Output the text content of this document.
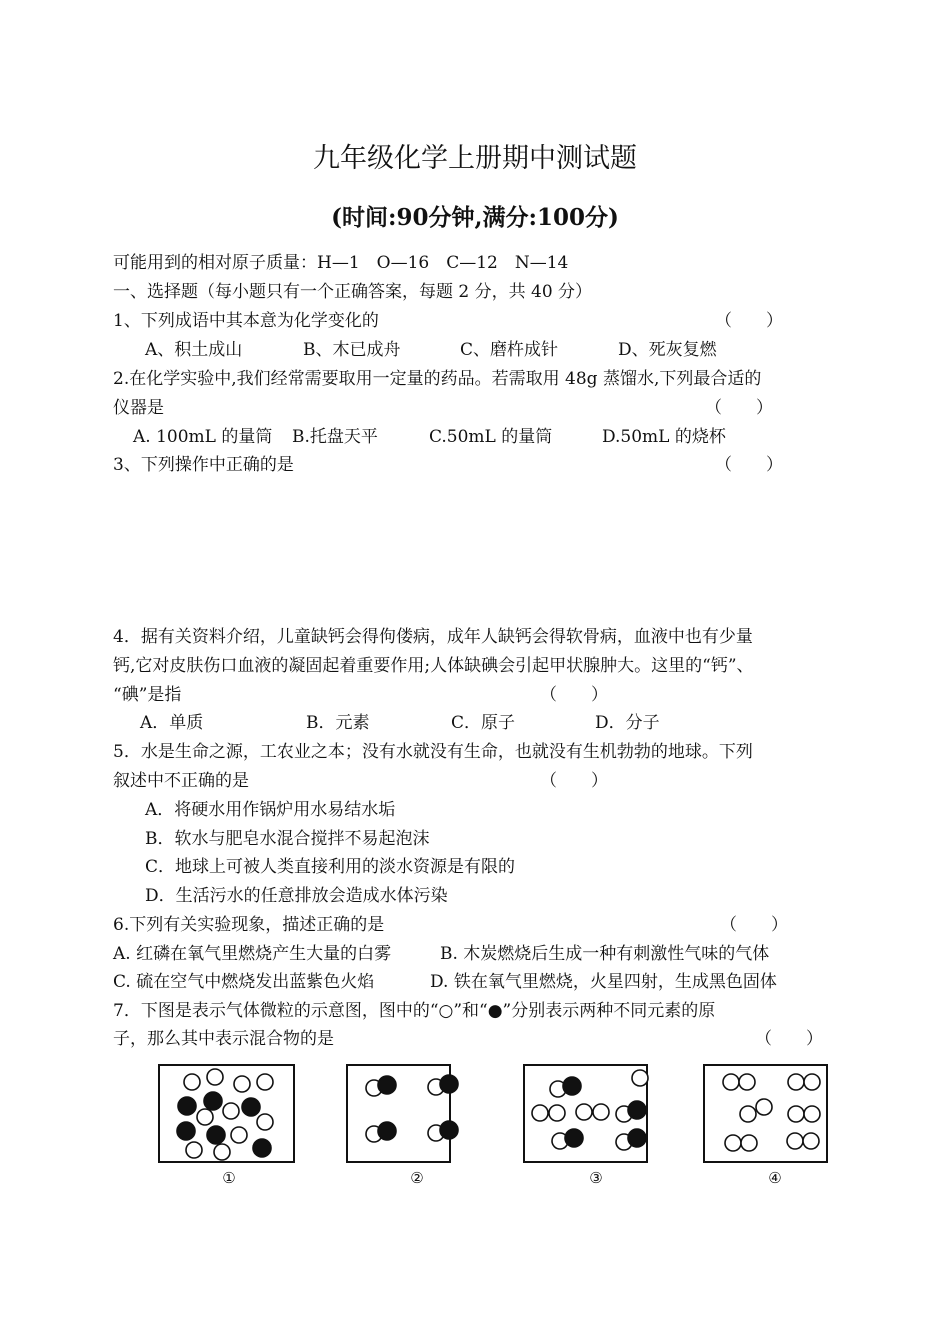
九年级化学上册期中测试题
(时间:90分钟,满分:100分)
可能用到的相对原子质量：H—1　O—16　C—12　N—14
一、选择题（每小题只有一个正确答案，每题 2 分，共 40 分）
1、下列成语中其本意为化学变化的	（　　）
A、积土成山	B、木已成舟	C、磨杵成针	D、死灰复燃
2.在化学实验中,我们经常需要取用一定量的药品。若需取用 48g 蒸馏水,下列最合适的
仪器是	（　　）
A. 100mL 的量筒 B.托盘天平	C.50mL 的量筒	D.50mL 的烧杯
3、下列操作中正确的是	（　　）
4．据有关资料介绍，儿童缺钙会得佝偻病，成年人缺钙会得软骨病，血液中也有少量
钙,它对皮肤伤口血液的凝固起着重要作用;人体缺碘会引起甲状腺肿大。这里的“钙”、
“碘”是指	（　　）
A．单质	B．元素	C．原子	D．分子
5．水是生命之源，工农业之本；没有水就没有生命，也就没有生机勃勃的地球。下列
叙述中不正确的是	（　　）
A．将硬水用作锅炉用水易结水垢
B．软水与肥皂水混合搅拌不易起泡沫
C．地球上可被人类直接利用的淡水资源是有限的
D．生活污水的任意排放会造成水体污染
6.下列有关实验现象，描述正确的是	（　　）
A. 红磷在氧气里燃烧产生大量的白雾	B. 木炭燃烧后生成一种有刺激性气味的气体
C. 硫在空气中燃烧发出蓝紫色火焰	D. 铁在氧气里燃烧，火星四射，生成黑色固体
7．下图是表示气体微粒的示意图，图中的“○”和“●”分别表示两种不同元素的原
子，那么其中表示混合物的是	（　　）
①	②	③	④
